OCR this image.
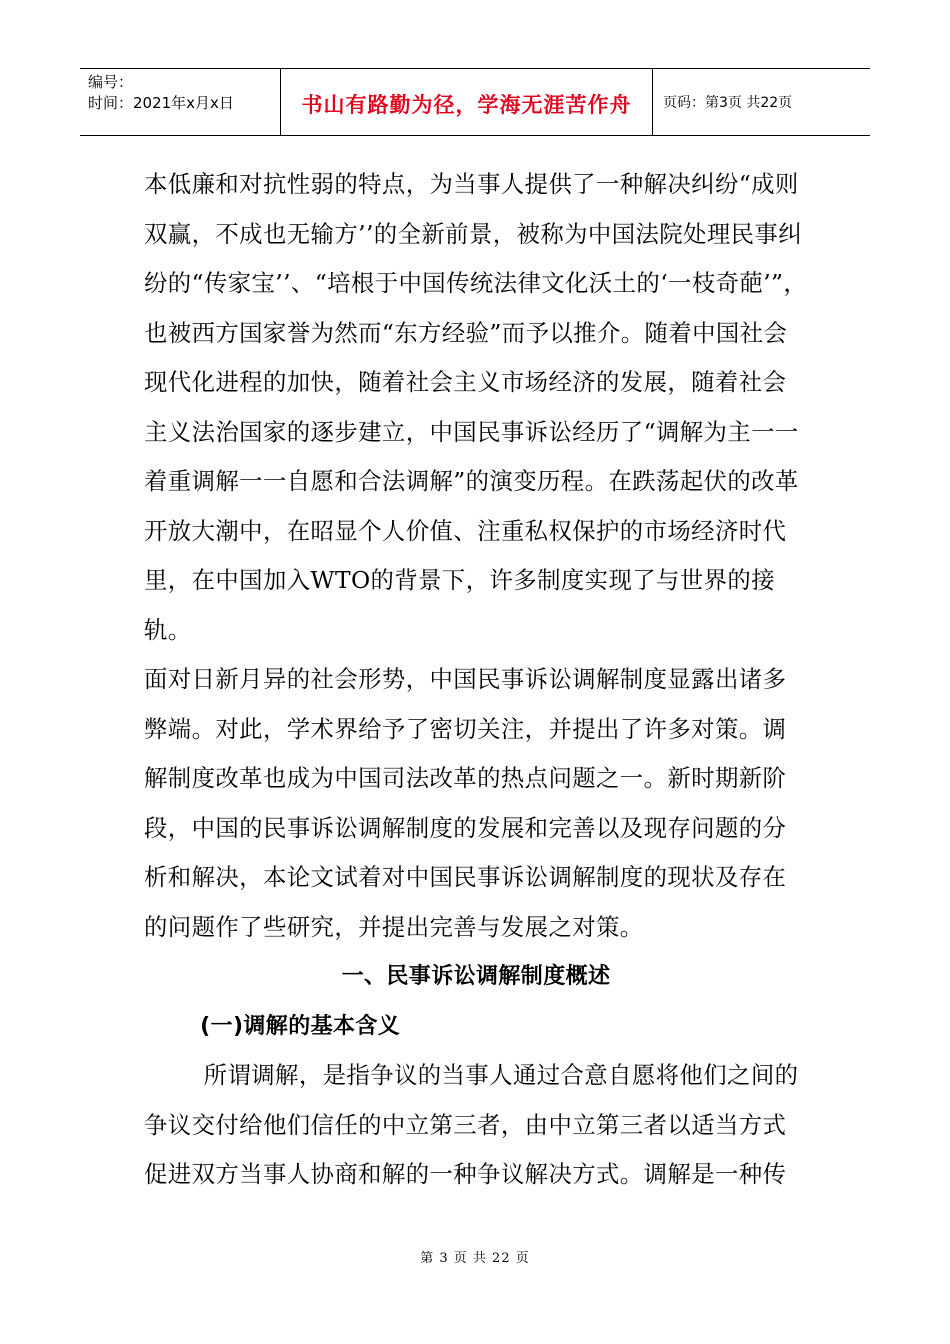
编号：
时间：2021年x月x日	书山有路勤为径，学海无涯苦作舟 页码：第3页 共22页

本低廉和对抗性弱的特点，为当事人提供了一种解决纠纷“成则双赢，不成也无输方’’的全新前景，被称为中国法院处理民事纠纷的“传家宝’’、“培根于中国传统法律文化沃土的‘一枝奇葩’”，也被西方国家誉为然而“东方经验”而予以推介。随着中国社会现代化进程的加快，随着社会主义市场经济的发展，随着社会主义法治国家的逐步建立，中国民事诉讼经历了“调解为主一一着重调解一一自愿和合法调解”的演变历程。在跌荡起伏的改革开放大潮中，在昭显个人价值、注重私权保护的市场经济时代里，在中国加入WTO的背景下，许多制度实现了与世界的接轨。

面对日新月异的社会形势，中国民事诉讼调解制度显露出诸多弊端。对此，学术界给予了密切关注，并提出了许多对策。调解制度改革也成为中国司法改革的热点问题之一。新时期新阶段，中国的民事诉讼调解制度的发展和完善以及现存问题的分析和解决，本论文试着对中国民事诉讼调解制度的现状及存在的问题作了些研究，并提出完善与发展之对策。

一、民事诉讼调解制度概述

(一)调解的基本含义

所谓调解，是指争议的当事人通过合意自愿将他们之间的争议交付给他们信任的中立第三者，由中立第三者以适当方式促进双方当事人协商和解的一种争议解决方式。调解是一种传

第 3 页 共 22 页
